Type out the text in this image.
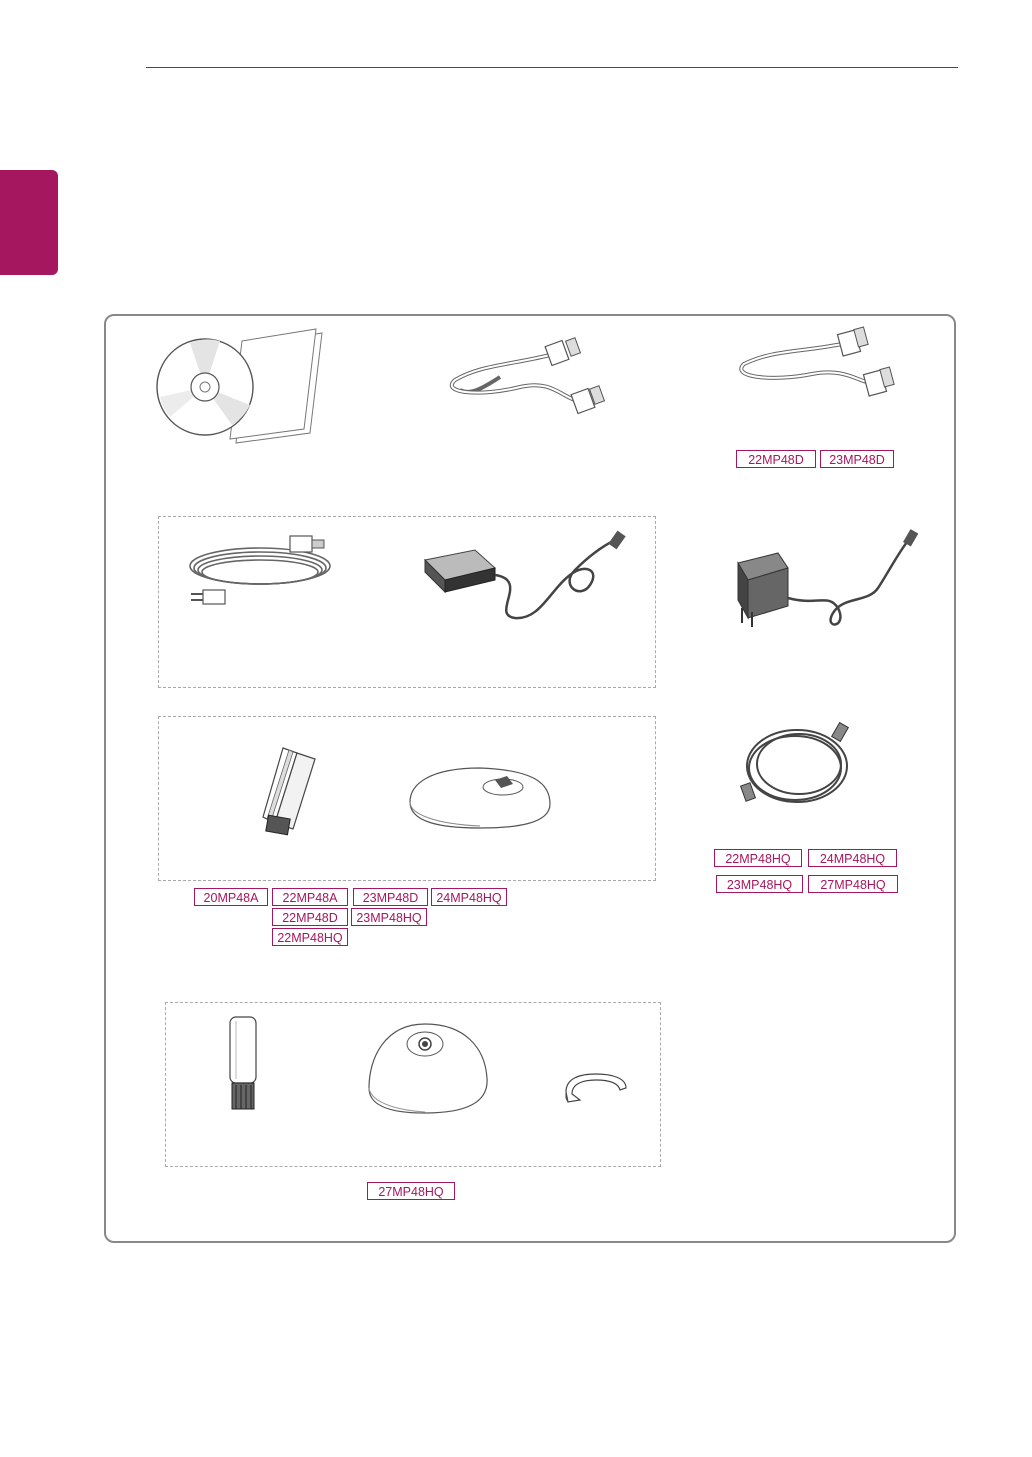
22MP48D	23MP48D
20MP48A	22MP48A	23MP48D	24MP48HQ
22MP48D	23MP48HQ
22MP48HQ
22MP48HQ	24MP48HQ
23MP48HQ	27MP48HQ
27MP48HQ
